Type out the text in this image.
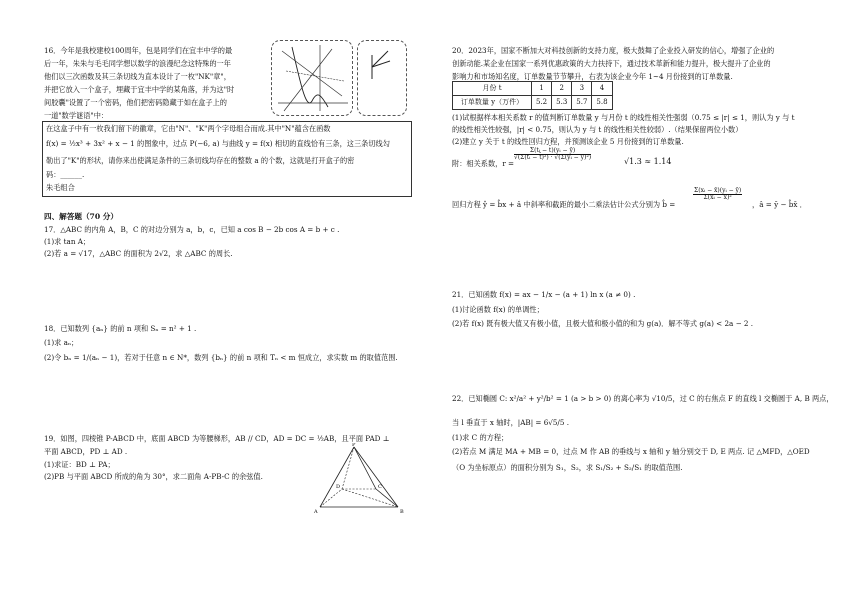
16．今年是我校建校100周年，包是同学们在宜丰中学的最
后一年，朱朱与毛毛同学想以数学的浪漫纪念这特殊的一年
他们以三次函数及其三条切线为直本设计了一枚"NK"章"，
并把它放入一个盒子，埋藏于宜丰中学的某角落，并为这"时
间胶囊"设置了一个密码，他们把密码隐藏于如在盒子上的
一道"数学谜语"中：
在这盒子中有一枚我们留下的徽章，它由"N"、"K"两个字母组合而成.其中"N"蕴含在函数
f(x) = ½x³ + 3x² + x − 1 的图象中，过点 P(−6, a) 与曲线 y = f(x) 相切的直线恰有三条，这三条切线勾
勒出了"K"的形状，请你来出使满足条件的三条切线均存在的整数 a 的个数，这就是打开盒子的密
码：______.
朱毛组合
四、解答题（70 分）
17．△ABC 的内角 A，B，C 的对边分别为 a，b，c，已知 a cos B − 2b cos A = b + c .
(1)求 tan A；
(2)若 a = √17，△ABC 的面积为 2√2，求 △ABC 的周长.
18．已知数列 {aₙ} 的前 n 项和 Sₙ = n² + 1 .
(1)求 aₙ；
(2)令 bₙ = 1/(aₙ − 1)，若对于任意 n ∈ N*，数列 {bₙ} 的前 n 项和 Tₙ < m 恒成立，求实数 m 的取值范围.
19．如图，四棱锥 P-ABCD 中，底面 ABCD 为等腰梯形，AB // CD，AD = DC = ½AB，且平面 PAD ⊥
平面 ABCD，PD ⊥ AD .
(1)求证：BD ⊥ PA；
(2)PB 与平面 ABCD 所成的角为 30°，求二面角 A-PB-C 的余弦值.
P
A	B
D	C
20．2023年，国家不断加大对科技创新的支持力度，极大鼓舞了企业投入研发的信心，增强了企业的
创新动能.某企业在国家一系列优惠政策的大力扶持下，通过技术革新和能力提升，极大提升了企业的
影响力和市场知名度，订单数量节节攀升，右表为该企业今年 1~4 月份接到的订单数量.
月份 t	1	2	3	4
订单数量 y（万件）	5.2	5.3	5.7	5.8
(1)试根据样本相关系数 r 的值判断订单数量 y 与月份 t 的线性相关性强弱（0.75 ≤ |r| ≤ 1，则认为 y 与 t
的线性相关性较强，|r| < 0.75，则认为 y 与 t 的线性相关性较弱）.（结果保留两位小数）
(2)建立 y 关于 t 的线性回归方程，并预测该企业 5 月份接到的订单数量.
附：相关系数，r =
$\frac{\text{Σ(tᵢ − t̄)(yᵢ − ȳ)}}{\text{√(Σ(tᵢ − t̄)²) · √(Σ(yᵢ − ȳ)²)}}$	√1.3 ≈ 1.14
回归方程 ŷ = b̂x + â 中斜率和截距的最小二乘法估计公式分别为 b̂ =
$\frac{\text{Σ(xᵢ − x̄)(yᵢ − ȳ)}}{\text{Σ(xᵢ − x̄)²}}$
，â = ȳ − b̂x̄ ．
21．已知函数 f(x) = ax − 1/x − (a + 1) ln x (a ≠ 0) .
(1)讨论函数 f(x) 的单调性；
(2)若 f(x) 既有极大值又有极小值，且极大值和极小值的和为 g(a)．解不等式 g(a) < 2a − 2 .
22．已知椭圆 C: x²/a² + y²/b² = 1 (a > b > 0) 的离心率为 √10/5，过 C 的右焦点 F 的直线 l 交椭圆于 A, B 两点，
当 l 垂直于 x 轴时，|AB| = 6√5/5 .
(1)求 C 的方程；
(2)若点 M 满足 MA + MB = 0，过点 M 作 AB 的垂线与 x 轴和 y 轴分别交于 D, E 两点. 记 △MFD，△OED
（O 为坐标原点）的面积分别为 S₁，S₂，求 S₁/S₂ + S₂/S₁ 的取值范围.
